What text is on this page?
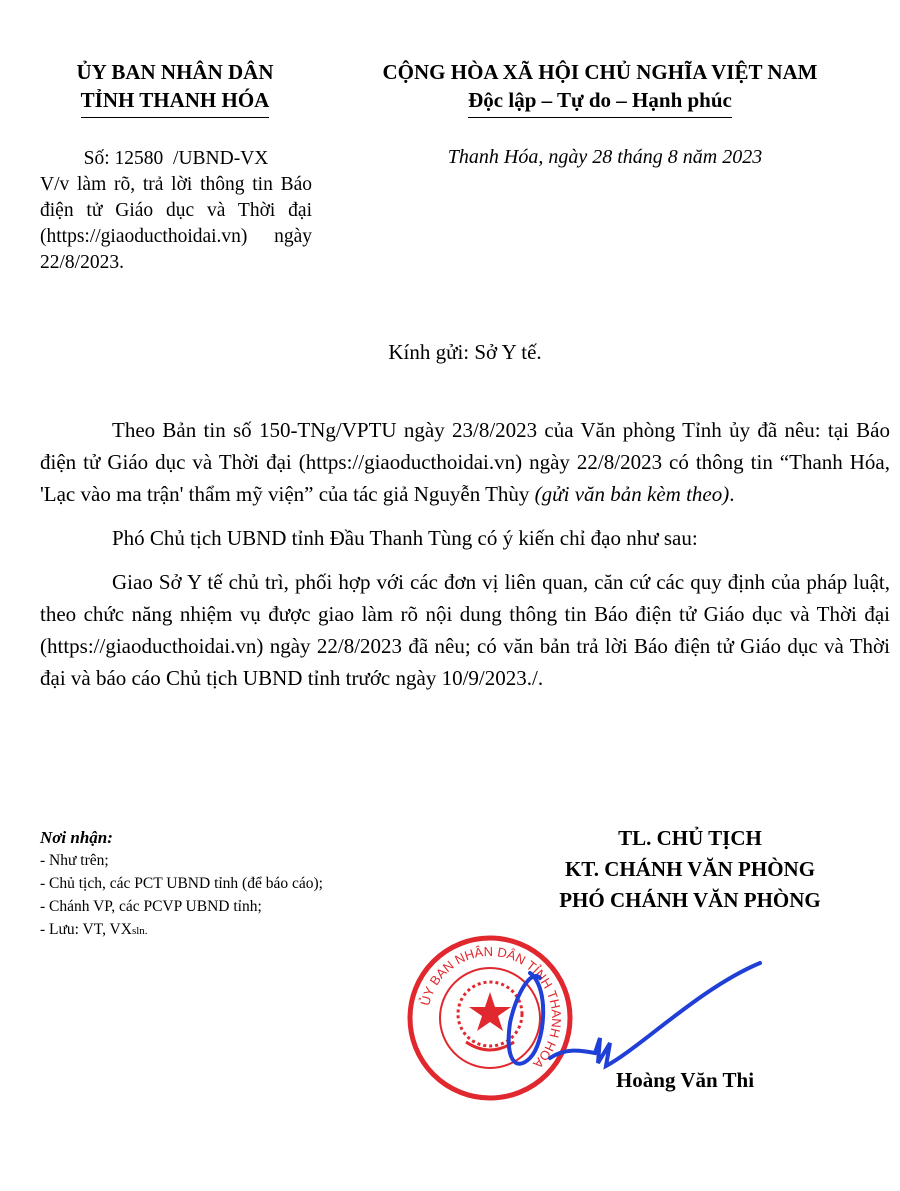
ỦY BAN NHÂN DÂN
TỈNH THANH HÓA
CỘNG HÒA XÃ HỘI CHỦ NGHĨA VIỆT NAM
Độc lập – Tự do – Hạnh phúc
Số: 12580  /UBND-VX
V/v làm rõ, trả lời thông tin Báo điện tử Giáo dục và Thời đại (https://giaoducthoidai.vn) ngày 22/8/2023.
Thanh Hóa, ngày 28 tháng 8 năm 2023
Kính gửi: Sở Y tế.

Theo Bản tin số 150-TNg/VPTU ngày 23/8/2023 của Văn phòng Tỉnh ủy đã nêu: tại Báo điện tử Giáo dục và Thời đại (https://giaoducthoidai.vn) ngày 22/8/2023 có thông tin “Thanh Hóa, 'Lạc vào ma trận' thẩm mỹ viện” của tác giả Nguyễn Thùy (gửi văn bản kèm theo).

Phó Chủ tịch UBND tỉnh Đầu Thanh Tùng có ý kiến chỉ đạo như sau:

Giao Sở Y tế chủ trì, phối hợp với các đơn vị liên quan, căn cứ các quy định của pháp luật, theo chức năng nhiệm vụ được giao làm rõ nội dung thông tin Báo điện tử Giáo dục và Thời đại (https://giaoducthoidai.vn) ngày 22/8/2023 đã nêu; có văn bản trả lời Báo điện tử Giáo dục và Thời đại và báo cáo Chủ tịch UBND tỉnh trước ngày 10/9/2023./.

Nơi nhận:
- Như trên;
- Chủ tịch, các PCT UBND tỉnh (để báo cáo);
- Chánh VP, các PCVP UBND tỉnh;
- Lưu: VT, VXsln.
TL. CHỦ TỊCH
KT. CHÁNH VĂN PHÒNG
PHÓ CHÁNH VĂN PHÒNG
ỦY BAN NHÂN DÂN TỈNH THANH HÓA
Hoàng Văn Thi
